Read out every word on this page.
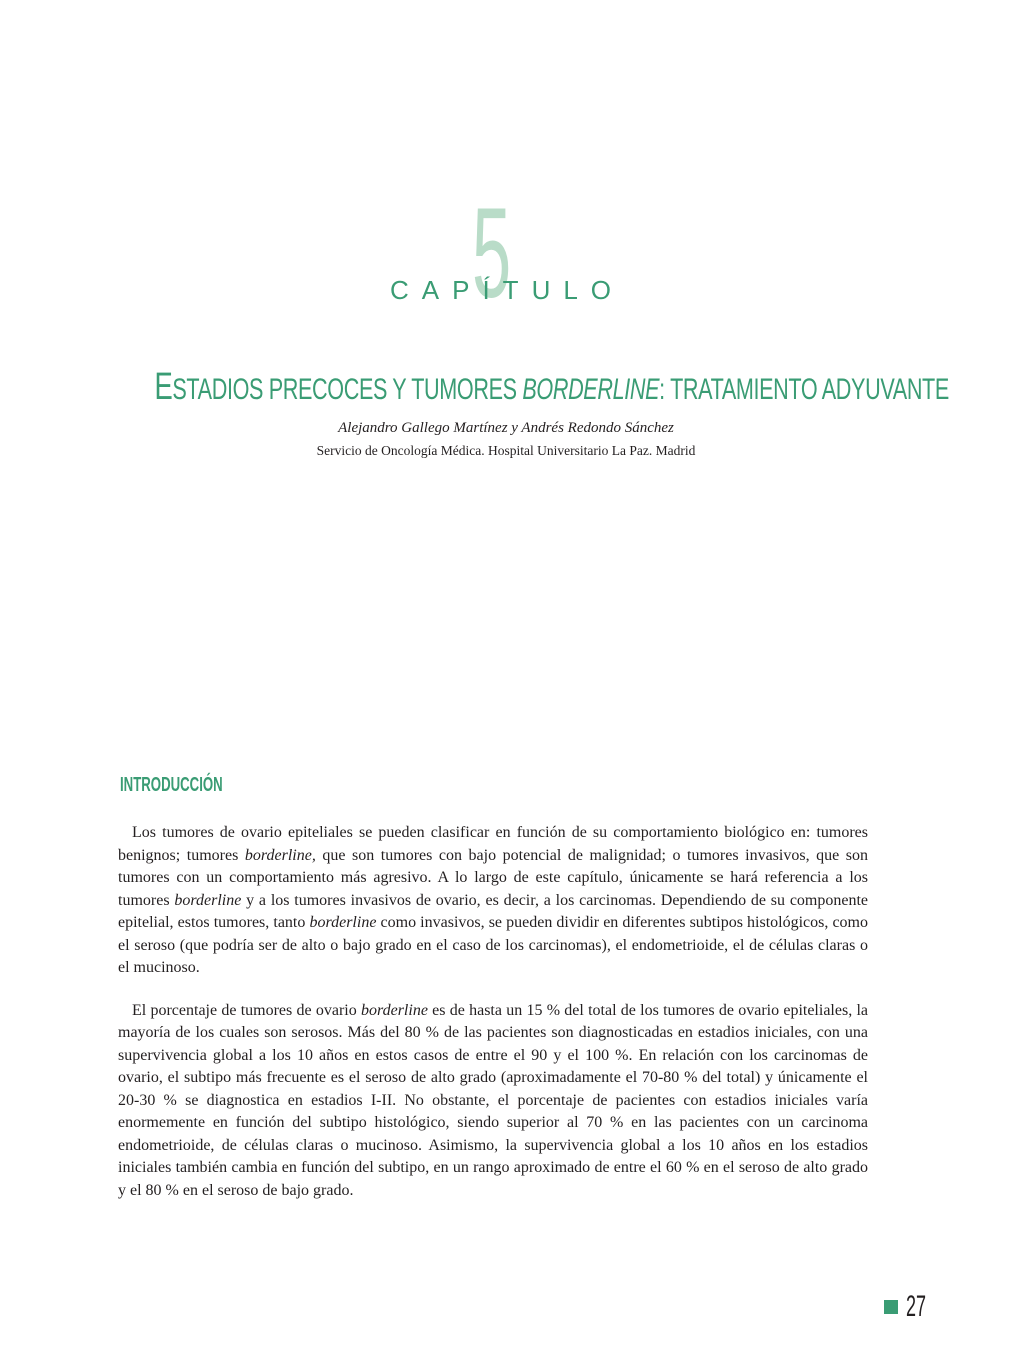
5
CAPÍTULO
ESTADIOS PRECOCES Y TUMORES BORDERLINE: TRATAMIENTO ADYUVANTE
Alejandro Gallego Martínez y Andrés Redondo Sánchez
Servicio de Oncología Médica. Hospital Universitario La Paz. Madrid
INTRODUCCIÓN

Los tumores de ovario epiteliales se pueden clasificar en función de su comportamiento biológico en: tumores benignos; tumores borderline, que son tumores con bajo potencial de malignidad; o tumores invasivos, que son tumores con un comportamiento más agresivo. A lo largo de este capítulo, únicamente se hará referencia a los tumores borderline y a los tumores invasivos de ovario, es decir, a los carcinomas. Dependiendo de su componente epitelial, estos tumores, tanto borderline como invasivos, se pueden dividir en diferentes subtipos histológicos, como el seroso (que podría ser de alto o bajo grado en el caso de los carcinomas), el endometrioide, el de células claras o el mucinoso.

El porcentaje de tumores de ovario borderline es de hasta un 15 % del total de los tumores de ovario epiteliales, la mayoría de los cuales son serosos. Más del 80 % de las pacientes son diagnosticadas en estadios iniciales, con una supervivencia global a los 10 años en estos casos de entre el 90 y el 100 %. En relación con los carcinomas de ovario, el subtipo más frecuente es el seroso de alto grado (aproximadamente el 70-80 % del total) y únicamente el 20-30 % se diagnostica en estadios I-II. No obstante, el porcentaje de pacientes con estadios iniciales varía enormemente en función del subtipo histológico, siendo superior al 70 % en las pacientes con un carcinoma endometrioide, de células claras o mucinoso. Asimismo, la supervivencia global a los 10 años en los estadios iniciales también cambia en función del subtipo, en un rango aproximado de entre el 60 % en el seroso de alto grado y el 80 % en el seroso de bajo grado.

27
